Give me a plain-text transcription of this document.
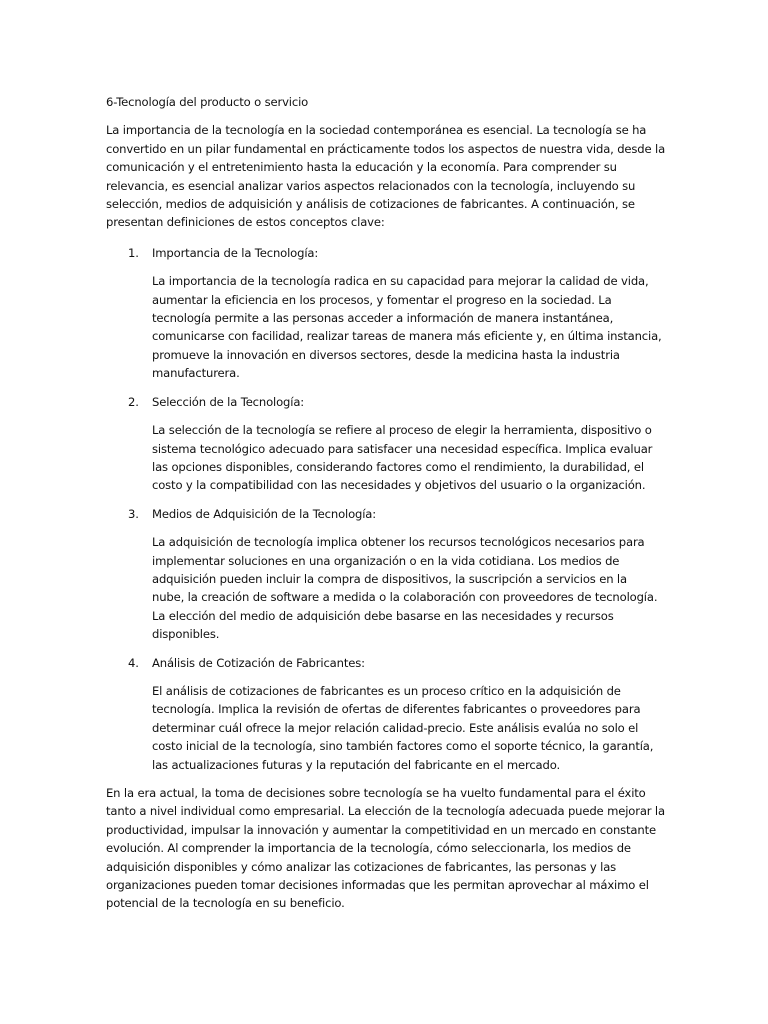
6-Tecnología del producto o servicio

La importancia de la tecnología en la sociedad contemporánea es esencial. La tecnología se ha convertido en un pilar fundamental en prácticamente todos los aspectos de nuestra vida, desde la comunicación y el entretenimiento hasta la educación y la economía. Para comprender su relevancia, es esencial analizar varios aspectos relacionados con la tecnología, incluyendo su selección, medios de adquisición y análisis de cotizaciones de fabricantes. A continuación, se presentan definiciones de estos conceptos clave:

1. Importancia de la Tecnología:
La importancia de la tecnología radica en su capacidad para mejorar la calidad de vida, aumentar la eficiencia en los procesos, y fomentar el progreso en la sociedad. La tecnología permite a las personas acceder a información de manera instantánea, comunicarse con facilidad, realizar tareas de manera más eficiente y, en última instancia, promueve la innovación en diversos sectores, desde la medicina hasta la industria manufacturera.
2. Selección de la Tecnología:
La selección de la tecnología se refiere al proceso de elegir la herramienta, dispositivo o sistema tecnológico adecuado para satisfacer una necesidad específica. Implica evaluar las opciones disponibles, considerando factores como el rendimiento, la durabilidad, el costo y la compatibilidad con las necesidades y objetivos del usuario o la organización.
3. Medios de Adquisición de la Tecnología:
La adquisición de tecnología implica obtener los recursos tecnológicos necesarios para implementar soluciones en una organización o en la vida cotidiana. Los medios de adquisición pueden incluir la compra de dispositivos, la suscripción a servicios en la nube, la creación de software a medida o la colaboración con proveedores de tecnología. La elección del medio de adquisición debe basarse en las necesidades y recursos disponibles.
4. Análisis de Cotización de Fabricantes:
El análisis de cotizaciones de fabricantes es un proceso crítico en la adquisición de tecnología. Implica la revisión de ofertas de diferentes fabricantes o proveedores para determinar cuál ofrece la mejor relación calidad-precio. Este análisis evalúa no solo el costo inicial de la tecnología, sino también factores como el soporte técnico, la garantía, las actualizaciones futuras y la reputación del fabricante en el mercado.

En la era actual, la toma de decisiones sobre tecnología se ha vuelto fundamental para el éxito tanto a nivel individual como empresarial. La elección de la tecnología adecuada puede mejorar la productividad, impulsar la innovación y aumentar la competitividad en un mercado en constante evolución. Al comprender la importancia de la tecnología, cómo seleccionarla, los medios de adquisición disponibles y cómo analizar las cotizaciones de fabricantes, las personas y las organizaciones pueden tomar decisiones informadas que les permitan aprovechar al máximo el potencial de la tecnología en su beneficio.
